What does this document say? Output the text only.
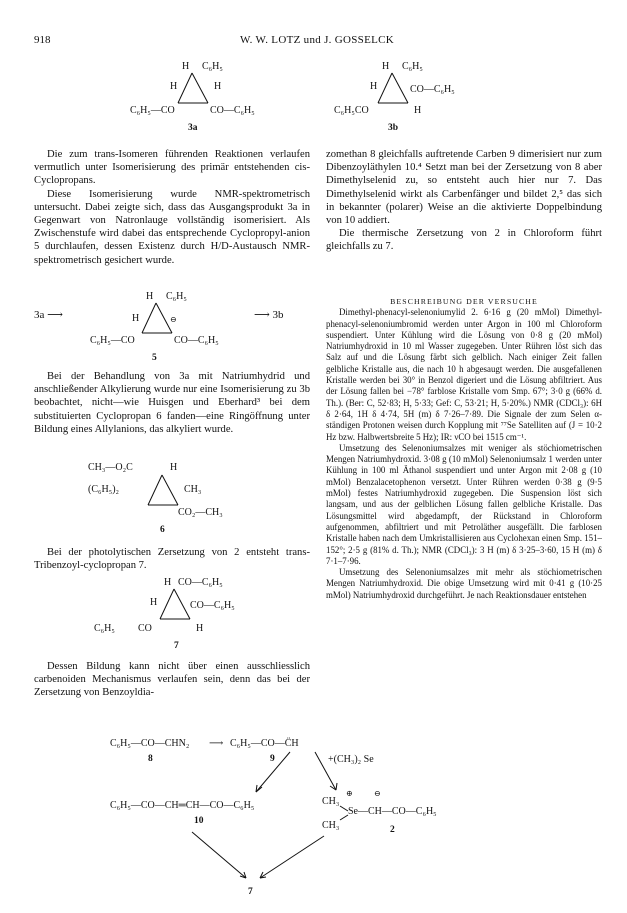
918	W. W. LOTZ und J. GOSSELCK
H C₆H₅
H	H
C₆H₅—CO	CO—C₆H₅
3a
H C₆H₅
H	CO—C₆H₅
C₆H₅CO	H
3b

Die zum trans-Isomeren führenden Reaktionen verlaufen vermutlich unter Isomerisierung des primär entstehenden cis-Cyclopropans.

Diese Isomerisierung wurde NMR-spektrometrisch untersucht. Dabei zeigte sich, dass das Ausgangsprodukt 3a in Gegenwart von Natronlauge vollständig isomerisiert. Als Zwischenstufe wird dabei das entsprechende Cyclopropyl-anion 5 durchlaufen, dessen Existenz durch H/D-Austausch NMR-spektrometrisch gesichert wurde.

zomethan 8 gleichfalls auftretende Carben 9 dimerisiert nur zum Dibenzoyläthylen 10.⁴ Setzt man bei der Zersetzung von 8 aber Dimethylselenid zu, so entsteht auch hier nur 7. Das Dimethylselenid wirkt als Carbenfänger und bildet 2,⁵ das sich in bekannter (polarer) Weise an die aktivierte Doppelbindung von 10 addiert.

Die thermische Zersetzung von 2 in Chloroform führt gleichfalls zu 7.

3a ⟶
H C₆H₅
H	⊖
C₆H₅—CO	CO—C₆H₅
5
⟶ 3b

Bei der Behandlung von 3a mit Natriumhydrid und anschließender Alkylierung wurde nur eine Isomerisierung zu 3b beobachtet, nicht—wie Huisgen und Eberhard³ bei dem substituierten Cyclopropan 6 fanden—eine Ringöffnung unter Bildung eines Allylanions, das alkyliert wurde.

CH₃—O₂C	H
(C₆H₅)₂	CH₃
CO₂—CH₃
6

Bei der photolytischen Zersetzung von 2 entsteht trans-Tribenzoyl-cyclopropan 7.

H CO—C₆H₅
H	CO—C₆H₅
C₆H₅ CO	H
7

Dessen Bildung kann nicht über einen ausschliesslich carbenoiden Mechanismus verlaufen sein, denn das bei der Zersetzung von Benzoyldia-

BESCHREIBUNG DER VERSUCHE

Dimethyl-phenacyl-selenoniumylid 2. 6·16 g (20 mMol) Dimethyl-phenacyl-selenoniumbromid werden unter Argon in 100 ml Chloroform suspendiert. Unter Kühlung wird die Lösung von 0·8 g (20 mMol) Natriumhydroxid in 10 ml Wasser zugegeben. Unter Rühren löst sich das Salz auf und die Lösung färbt sich gelblich. Nach einiger Zeit fallen gelbliche Kristalle aus, die nach 10 h abgesaugt werden. Die ausgefallenen Kristalle werden bei 30° in Benzol digeriert und die Lösung abfiltriert. Aus der Lösung fallen bei −78° farblose Kristalle vom Smp. 67°; 3·0 g (66% d. Th.). (Ber: C, 52·83; H, 5·33; Gef: C, 53·21; H, 5·20%.) NMR (CDCl₃): 6H δ 2·64, 1H δ 4·74, 5H (m) δ 7·26–7·89. Die Signale der zum Selen α-ständigen Protonen weisen durch Kopplung mit ⁷⁷Se Satelliten auf (J = 10·2 Hz bzw. Halbwertsbreite 5 Hz); IR: νCO bei 1515 cm⁻¹.

Umsetzung des Selenoniumsalzes mit weniger als stöchiometrischen Mengen Natriumhydroxid. 3·08 g (10 mMol) Selenoniumsalz 1 werden unter Kühlung in 100 ml Äthanol suspendiert und unter Argon mit 2·08 g (10 mMol) Benzalacetophenon versetzt. Unter Rühren werden 0·38 g (9·5 mMol) festes Natriumhydroxid zugegeben. Die Suspension löst sich langsam, und aus der gelblichen Lösung fallen gelbliche Kristalle. Das Lösungsmittel wird abgedampft, der Rückstand in Chloroform aufgenommen, abfiltriert und mit Petroläther ausgefällt. Die farblosen Kristalle haben nach dem Umkristallisieren aus Cyclohexan einen Smp. 151–152°; 2·5 g (81% d. Th.); NMR (CDCl₃): 3 H (m) δ 3·25–3·60, 15 H (m) δ 7·1–7·96.

Umsetzung des Selenoniumsalzes mit mehr als stöchiometrischen Mengen Natriumhydroxid. Die obige Umsetzung wird mit 0·41 g (10·25 mMol) Natriumhydroxid durchgeführt. Je nach Reaktionsdauer entstehen

C₆H₅—CO—CHN₂
8
⟶ C₆H₅—CO—C̈H
9	+(CH₃)₂ Se
C₆H₅—CO—CH═CH—CO—C₆H₅
10
CH₃
⊕	⊖
Se—CH—CO—C₆H₅
CH₃	2
7
